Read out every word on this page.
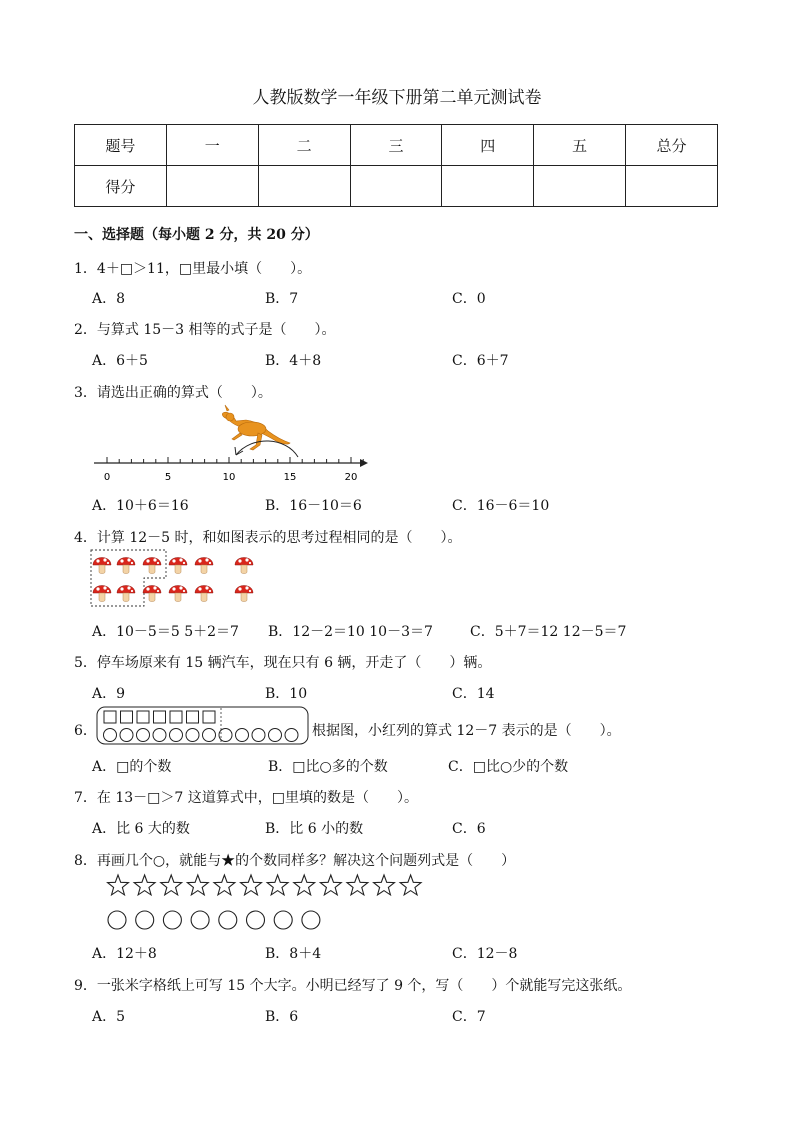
人教版数学一年级下册第二单元测试卷
题号	一	二	三	四	五	总分
得分						
一、选择题（每小题 2 分，共 20 分）
1．4＋□＞11，□里最小填（　　）。
A．8	B．7	C．0
2．与算式 15－3 相等的式子是（　　）。
A．6＋5	B．4＋8	C．6＋7
3．请选出正确的算式（　　）。
0	5	10	15	20
A．10＋6＝16	B．16－10＝6	C．16－6＝10
4．计算 12－5 时，和如图表示的思考过程相同的是（　　）。
A．10－5＝5 5＋2＝7 B．12－2＝10 10－3＝7	C．5＋7＝12 12－5＝7
5．停车场原来有 15 辆汽车，现在只有 6 辆，开走了（　　）辆。
A．9	B．10	C．14
6．	根据图，小红列的算式 12－7 表示的是（　　）。
A．□的个数	B．□比○多的个数	C．□比○少的个数
7．在 13－□＞7 这道算式中，□里填的数是（　　）。
A．比 6 大的数	B．比 6 小的数	C．6
8．再画几个○，就能与★的个数同样多？解决这个问题列式是（　　）
A．12＋8	B．8＋4	C．12－8
9．一张米字格纸上可写 15 个大字。小明已经写了 9 个，写（　　）个就能写完这张纸。
A．5	B．6	C．7
